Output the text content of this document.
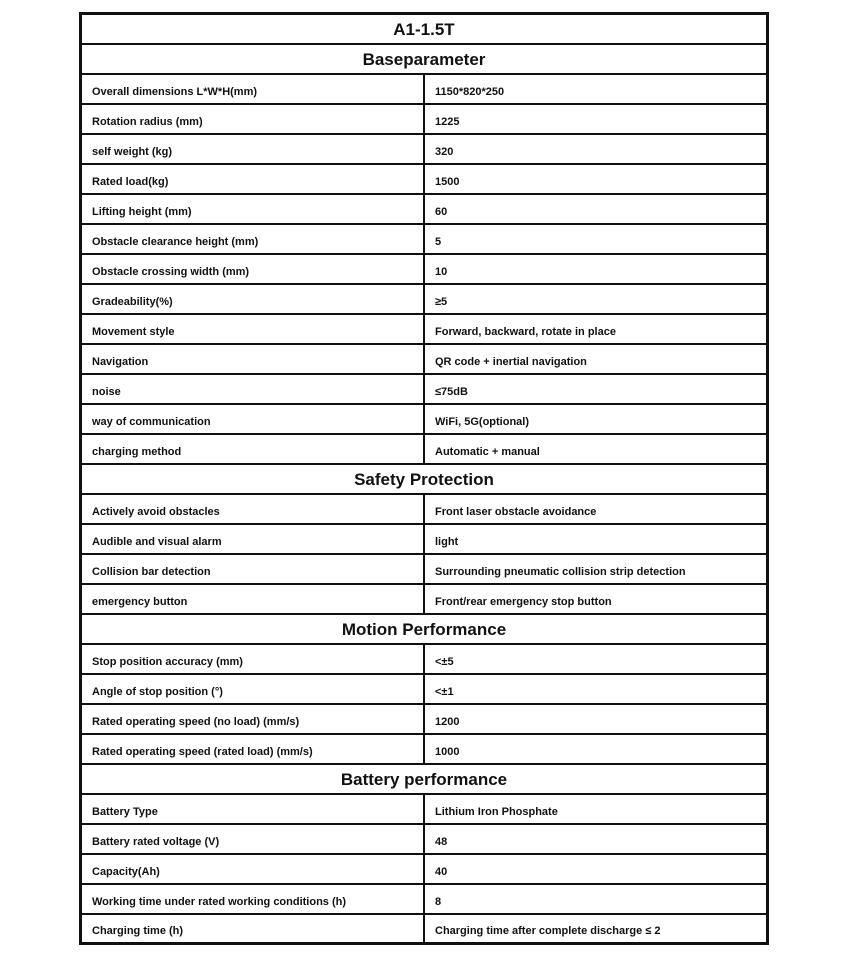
A1-1.5T	
Baseparameter	
Overall dimensions L*W*H(mm)	1150*820*250
Rotation radius (mm)	1225
self weight (kg)	320
Rated load(kg)	1500
Lifting height (mm)	60
Obstacle clearance height (mm)	5
Obstacle crossing width (mm)	10
Gradeability(%)	≥5
Movement style	Forward, backward, rotate in place
Navigation	QR code + inertial navigation
noise	≤75dB
way of communication	WiFi, 5G(optional)
charging method	Automatic + manual
Safety Protection	
Actively avoid obstacles	Front laser obstacle avoidance
Audible and visual alarm	light
Collision bar detection	Surrounding pneumatic collision strip detection
emergency button	Front/rear emergency stop button
Motion Performance	
Stop position accuracy (mm)	<±5
Angle of stop position (°)	<±1
Rated operating speed (no load) (mm/s)	1200
Rated operating speed (rated load) (mm/s)	1000
Battery performance	
Battery Type	Lithium Iron Phosphate
Battery rated voltage (V)	48
Capacity(Ah)	40
Working time under rated working conditions (h)	8
Charging time (h)	Charging time after complete discharge ≤ 2
